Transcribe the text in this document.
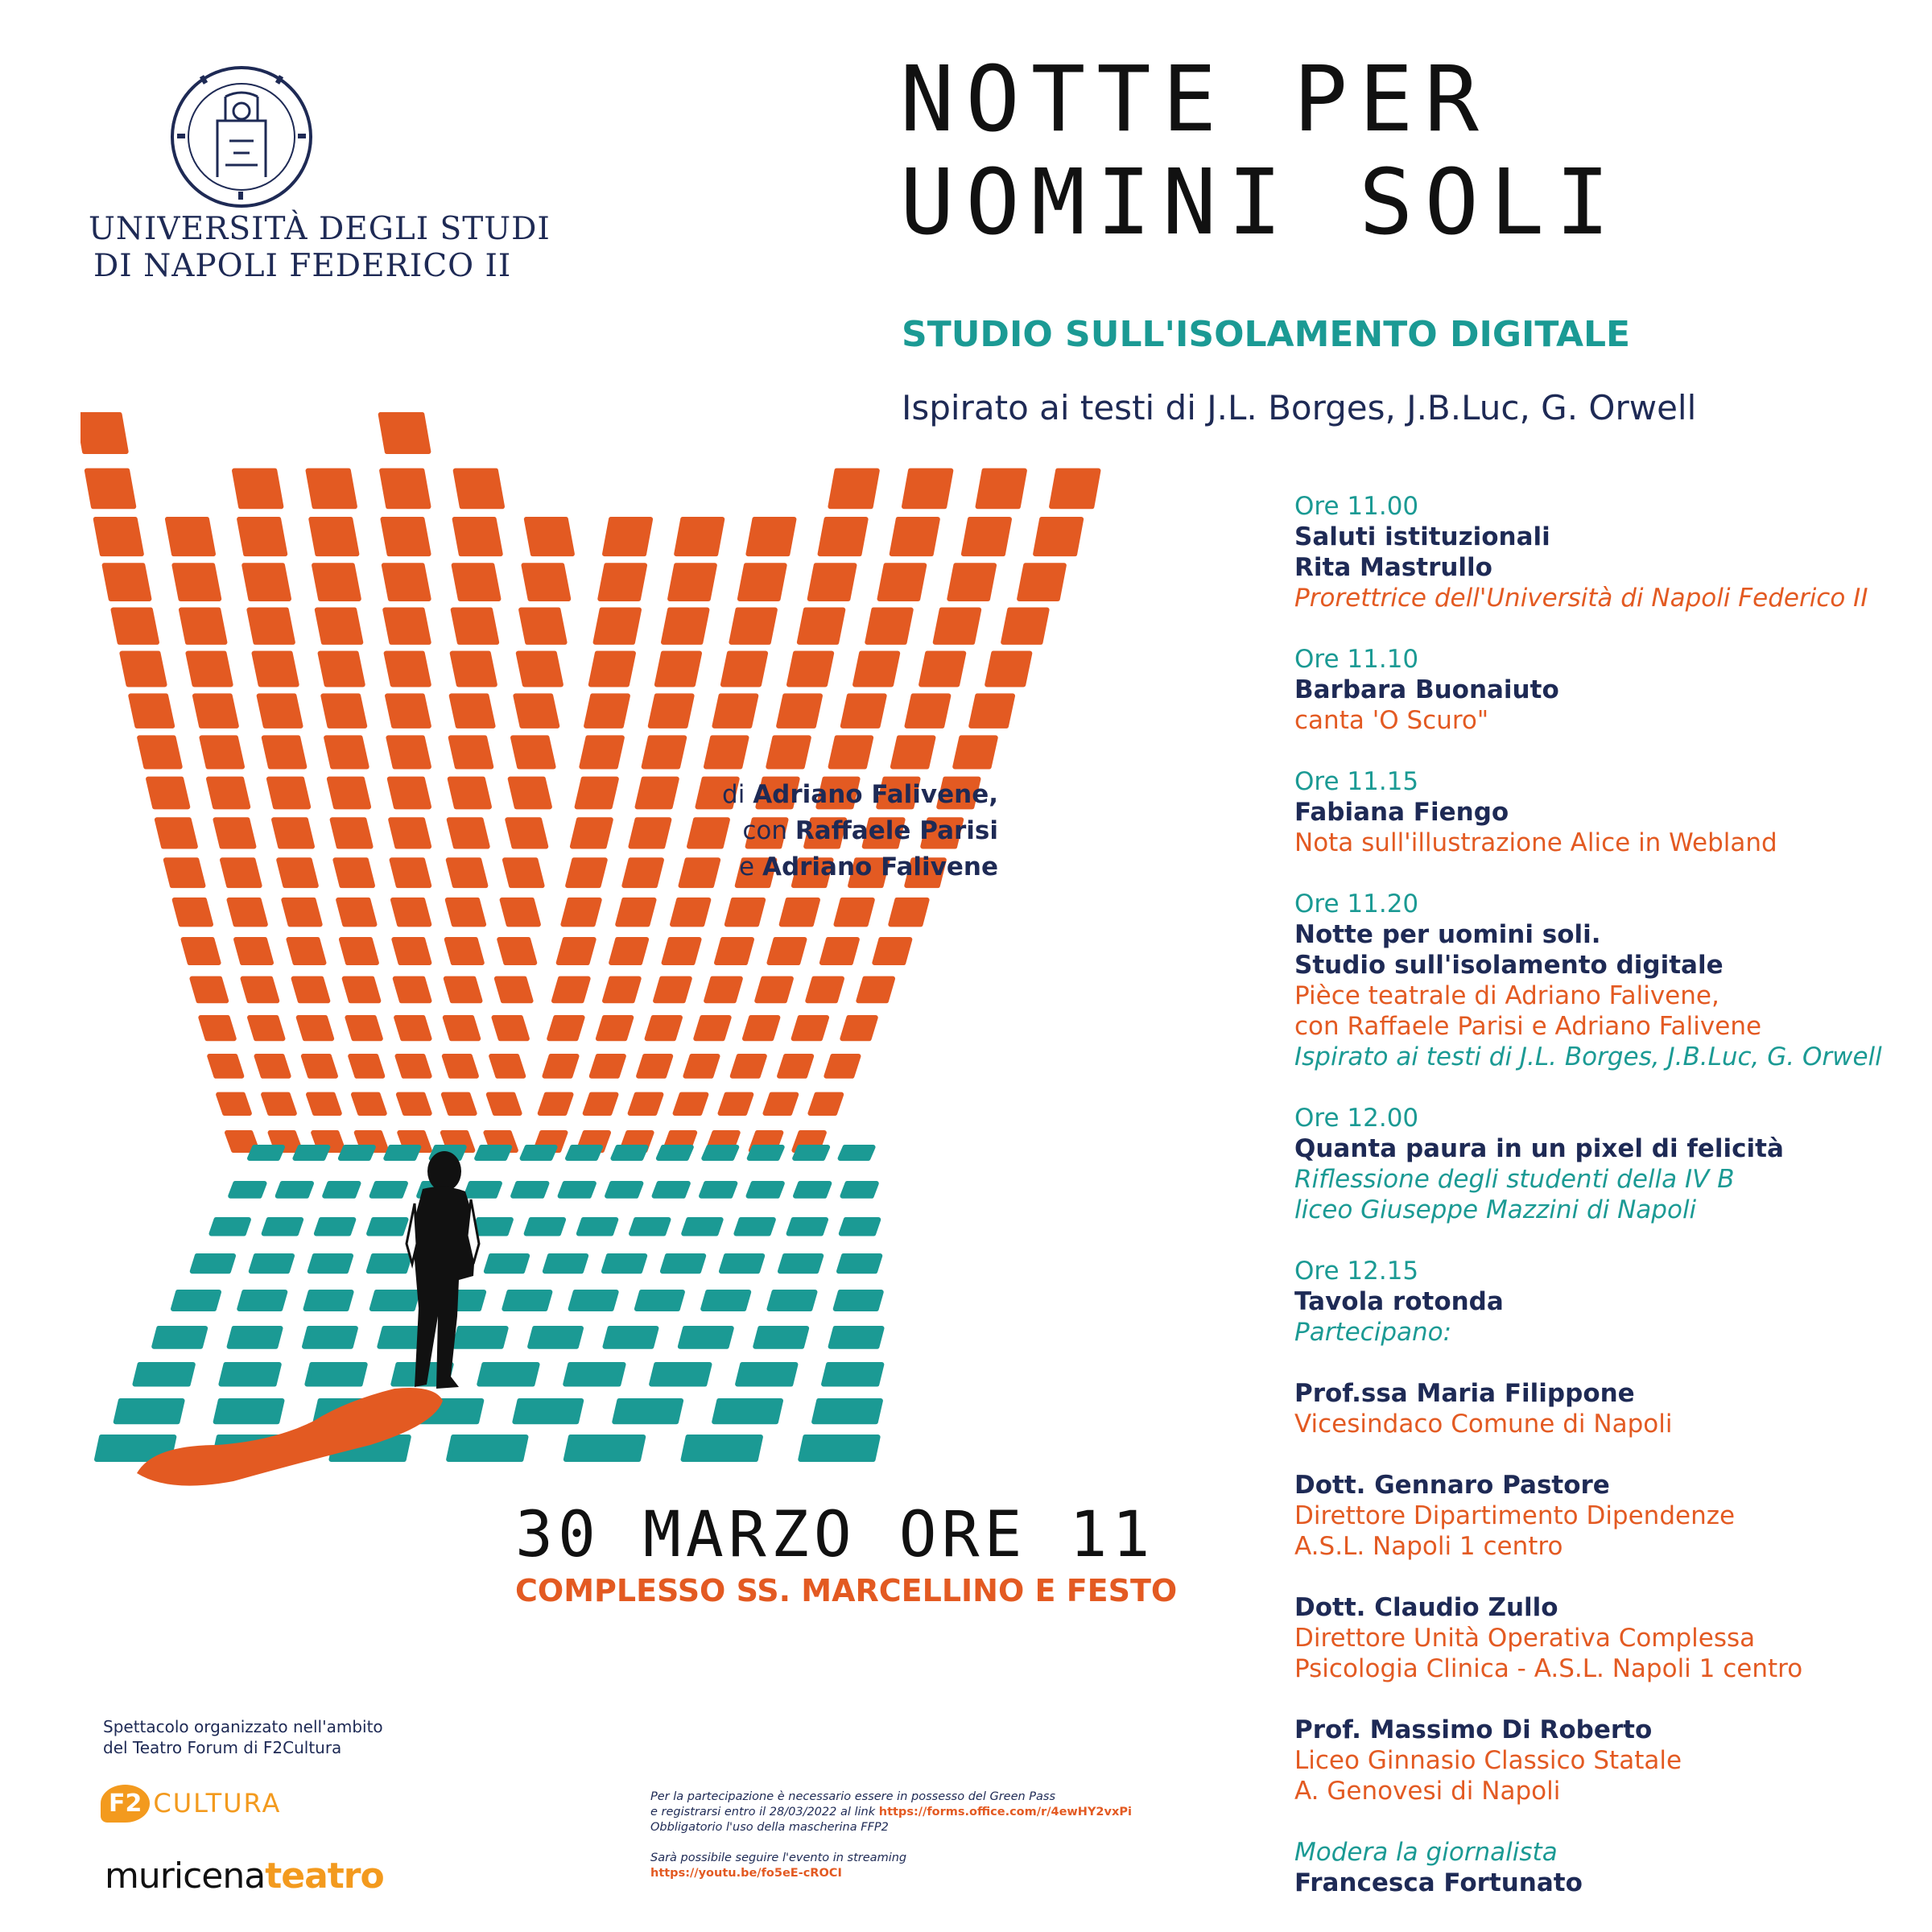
UNIVERSITÀ DEGLI STUDI
DI NAPOLI FEDERICO II
NOTTE PER
UOMINI SOLI
STUDIO SULL'ISOLAMENTO DIGITALE
Ispirato ai testi di J.L. Borges, J.B.Luc, G. Orwell
di Adriano Falivene,
con Raffaele Parisi
e Adriano Falivene
30 MARZO ORE 11
COMPLESSO SS. MARCELLINO E FESTO
Ore 11.00
Saluti istituzionali
Rita Mastrullo
Prorettrice dell'Università di Napoli Federico II
Ore 11.10
Barbara Buonaiuto
canta 'O Scuro"
Ore 11.15
Fabiana Fiengo
Nota sull'illustrazione Alice in Webland
Ore 11.20
Notte per uomini soli.
Studio sull'isolamento digitale
Pièce teatrale di Adriano Falivene,
con Raffaele Parisi e Adriano Falivene
Ispirato ai testi di J.L. Borges, J.B.Luc, G. Orwell
Ore 12.00
Quanta paura in un pixel di felicità
Riflessione degli studenti della IV B
liceo Giuseppe Mazzini di Napoli
Ore 12.15
Tavola rotonda
Partecipano:
Prof.ssa Maria Filippone
Vicesindaco Comune di Napoli
Dott. Gennaro Pastore
Direttore Dipartimento Dipendenze
A.S.L. Napoli 1 centro
Dott. Claudio Zullo
Direttore Unità Operativa Complessa
Psicologia Clinica - A.S.L. Napoli 1 centro
Prof. Massimo Di Roberto
Liceo Ginnasio Classico Statale
A. Genovesi di Napoli
Modera la giornalista
Francesca Fortunato
Spettacolo organizzato nell'ambito
del Teatro Forum di F2Cultura
F2 CULTURA
muricenateatro
Per la partecipazione è necessario essere in possesso del Green Pass
e registrarsi entro il 28/03/2022 al link https://forms.office.com/r/4ewHY2vxPi
Obbligatorio l'uso della mascherina FFP2
Sarà possibile seguire l'evento in streaming
https://youtu.be/fo5eE-cROCI
